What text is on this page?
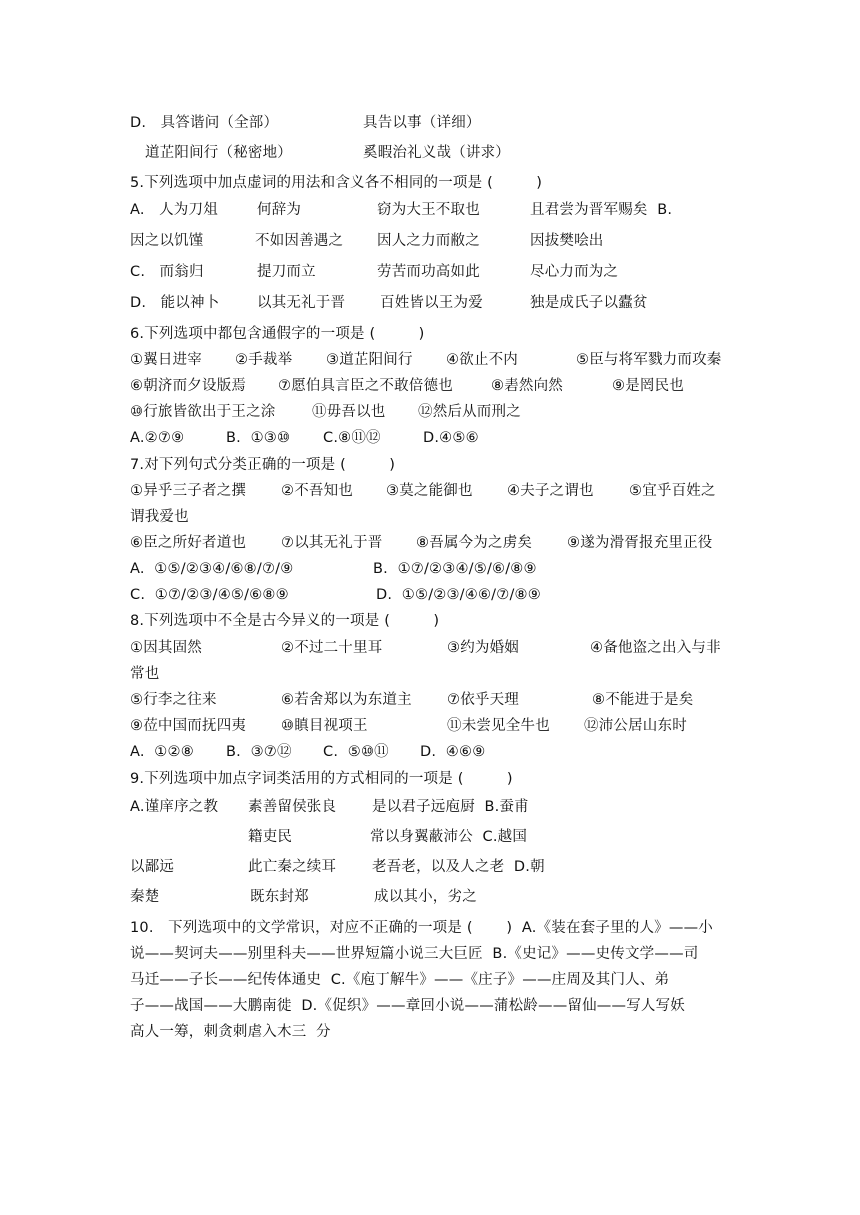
D.   具答谐问（全部）	具告以事（详细）
道芷阳间行（秘密地）	奚暇治礼义哉（讲求）
5.下列选项中加点虚词的用法和含义各不相同的一项是 (         )
A.   人为刀俎	何辞为	窃为大王不取也	且君尝为晋军赐矣  B.
因之以饥馑	不如因善遇之 因人之力而敝之	因拔樊哙出
C.   而翁归	提刀而立	劳苦而功高如此	尽心力而为之
D.   能以神卜	以其无礼于晋 百姓皆以王为爱	独是成氏子以蠹贫
6.下列选项中都包含通假字的一项是 (         )
①翼日进宰 ②手裁举 ③道芷阳间行 ④欲止不内	⑤臣与将军戮力而攻秦
⑥朝济而夕设版焉 ⑦愿伯具言臣之不敢倍德也	⑧砉然向然	⑨是罔民也
⑩行旅皆欲出于王之涂	⑪毋吾以也 ⑫然后从而刑之
A.②⑦⑨	B.  ①③⑩ C.⑧⑪⑫	D.④⑤⑥
7.对下列句式分类正确的一项是 (         )
①异乎三子者之撰 ②不吾知也 ③莫之能御也 ④夫子之谓也 ⑤宜乎百姓之
谓我爱也
⑥臣之所好者道也 ⑦以其无礼于晋 ⑧吾属今为之虏矣 ⑨遂为滑胥报充里正役
A.  ①⑤/②③④/⑥⑧/⑦/⑨	B.  ①⑦/②③④/⑤/⑥/⑧⑨
C.  ①⑦/②③/④⑤/⑥⑧⑨	D.  ①⑤/②③/④⑥/⑦/⑧⑨
8.下列选项中不全是古今异义的一项是 (         )
①因其固然	②不过二十里耳	③约为婚姻	④备他盗之出入与非
常也
⑤行李之往来	⑥若舍郑以为东道主 ⑦依乎天理	⑧不能进于是矣
⑨莅中国而抚四夷 ⑩瞋目视项王	⑪未尝见全牛也 ⑫沛公居山东时
A.  ①②⑧ B.  ③⑦⑫ C.  ⑤⑩⑪ D.  ④⑥⑨
9.下列选项中加点字词类活用的方式相同的一项是 (         )
A.谨庠序之教 素善留侯张良 是以君子远庖厨  B.蚕甫
籍吏民	常以身翼蔽沛公  C.越国
以鄙远	此亡秦之续耳 老吾老，以及人之老  D.朝
秦楚	既东封郑	成以其小，劣之
10.   下列选项中的文学常识，对应不正确的一项是 (       )  A.《装在套子里的人》——小
说——契诃夫——别里科夫——世界短篇小说三大巨匠  B.《史记》——史传文学——司
马迁——子长——纪传体通史  C.《庖丁解牛》——《庄子》——庄周及其门人、弟
子——战国——大鹏南徙  D.《促织》——章回小说——蒲松龄——留仙——写人写妖
高人一筹，刺贪刺虐入木三  分
